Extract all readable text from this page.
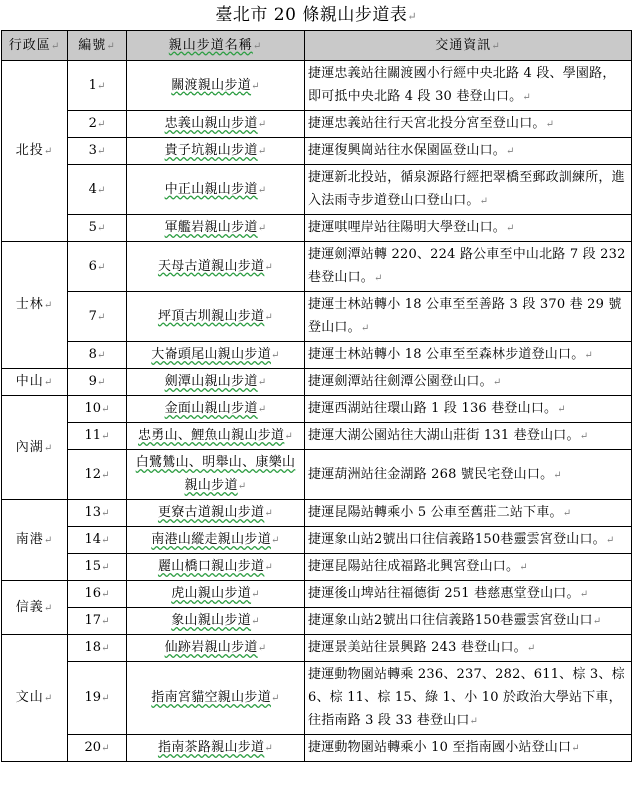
臺北市 20 條親山步道表↵
行政區↵	編號↵	親山步道名稱↵	交通資訊↵
北投↵	1↵	關渡親山步道↵	捷運忠義站往關渡國小行經中央北路 4 段、學園路，即可抵中央北路 4 段 30 巷登山口。↵
	2↵	忠義山親山步道↵	捷運忠義站往行天宮北投分宮至登山口。↵
	3↵	貴子坑親山步道↵	捷運復興崗站往水保園區登山口。↵
	4↵	中正山親山步道↵	捷運新北投站，循泉源路行經把翠橋至郵政訓練所，進入法雨寺步道登山口登山口。↵
	5↵	軍艦岩親山步道↵	捷運唭哩岸站往陽明大學登山口。↵
士林↵	6↵	天母古道親山步道↵	捷運劍潭站轉 220、224 路公車至中山北路 7 段 232 巷登山口。↵
	7↵	坪頂古圳親山步道↵	捷運士林站轉小 18 公車至至善路 3 段 370 巷 29 號登山口。↵
	8↵	大崙頭尾山親山步道↵	捷運士林站轉小 18 公車至至森林步道登山口。↵
中山↵	9↵	劍潭山親山步道↵	捷運劍潭站往劍潭公園登山口。↵
內湖↵	10↵	金面山親山步道↵	捷運西湖站往環山路 1 段 136 巷登山口。↵
	11↵	忠勇山、鯉魚山親山步道↵	捷運大湖公園站往大湖山莊街 131 巷登山口。↵
	12↵	白鷺鷥山、明舉山、康樂山親山步道↵	捷運葫洲站往金湖路 268 號民宅登山口。↵
南港↵	13↵	更寮古道親山步道↵	捷運昆陽站轉乘小 5 公車至舊莊二站下車。↵
	14↵	南港山縱走親山步道↵	捷運象山站2號出口往信義路150巷靈雲宮登山口。↵
	15↵	麗山橋口親山步道↵	捷運昆陽站往成福路北興宮登山口。↵
信義↵	16↵	虎山親山步道↵	捷運後山埤站往福德街 251 巷慈惠堂登山口。↵
	17↵	象山親山步道↵	捷運象山站2號出口往信義路150巷靈雲宮登山口↵
文山↵	18↵	仙跡岩親山步道↵	捷運景美站往景興路 243 巷登山口。↵
	19↵	指南宮貓空親山步道↵	捷運動物園站轉乘 236、237、282、611、棕 3、棕 6、棕 11、棕 15、綠 1、小 10 於政治大學站下車，往指南路 3 段 33 巷登山口↵
	20↵	指南茶路親山步道↵	捷運動物園站轉乘小 10 至指南國小站登山口↵
